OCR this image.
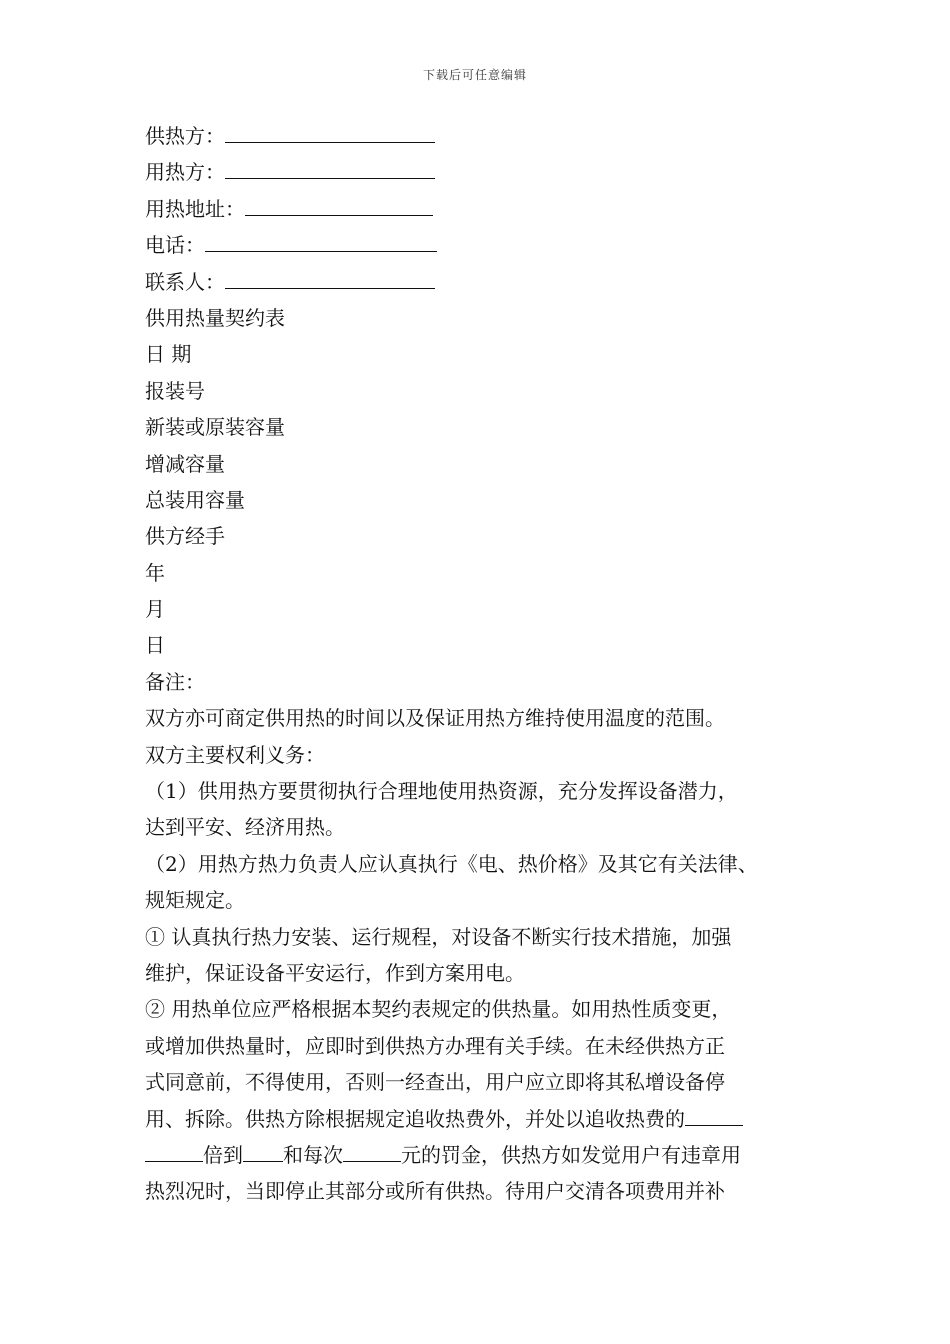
下载后可任意编辑
供热方：
用热方：
用热地址：
电话：
联系人：
供用热量契约表
日 期
报装号
新装或原装容量
增减容量
总装用容量
供方经手
年
月
日
备注：
双方亦可商定供用热的时间以及保证用热方维持使用温度的范围。
双方主要权利义务：
（1）供用热方要贯彻执行合理地使用热资源，充分发挥设备潜力，
达到平安、经济用热。
（2）用热方热力负责人应认真执行《电、热价格》及其它有关法律、
规矩规定。
① 认真执行热力安装、运行规程，对设备不断实行技术措施，加强
维护，保证设备平安运行，作到方案用电。
② 用热单位应严格根据本契约表规定的供热量。如用热性质变更，
或增加供热量时，应即时到供热方办理有关手续。在未经供热方正
式同意前，不得使用，否则一经查出，用户应立即将其私增设备停
用、拆除。供热方除根据规定追收热费外，并处以追收热费的
倍到 和每次	元的罚金，供热方如发觉用户有违章用
热烈况时，当即停止其部分或所有供热。待用户交清各项费用并补
